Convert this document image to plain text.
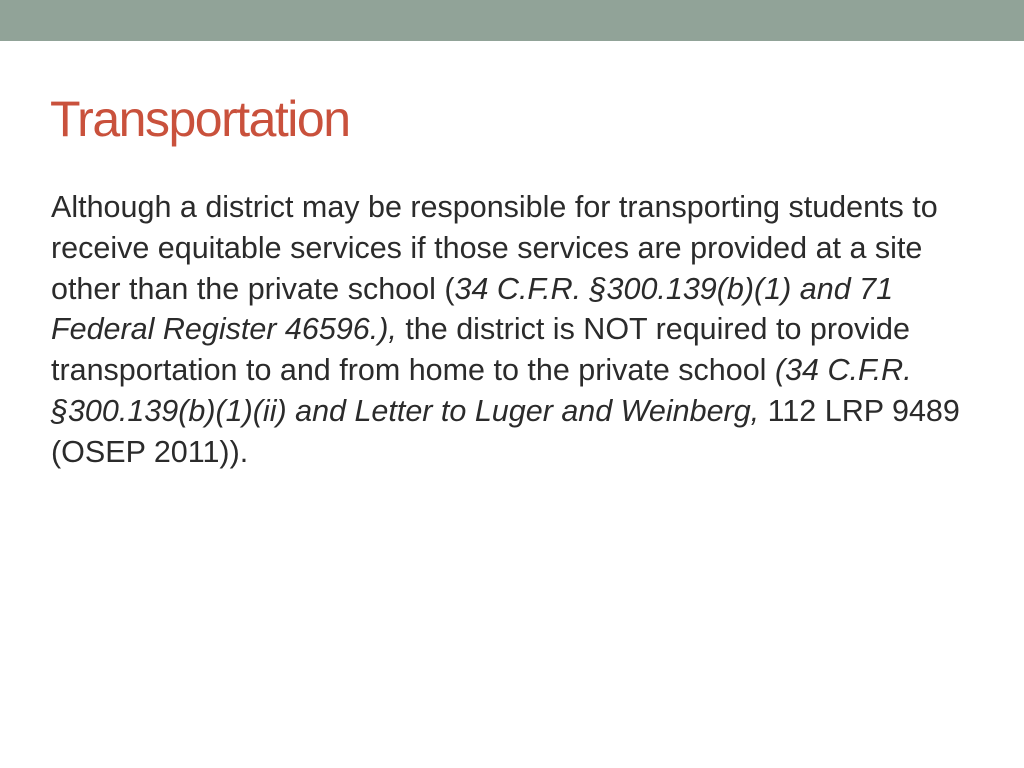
Transportation

Although a district may be responsible for transporting students to receive equitable services if those services are provided at a site other than the private school (34 C.F.R. §300.139(b)(1) and 71 Federal Register 46596.), the district is NOT required to provide transportation to and from home to the private school (34 C.F.R. §300.139(b)(1)(ii) and Letter to Luger and Weinberg, 112 LRP 9489 (OSEP 2011)).
